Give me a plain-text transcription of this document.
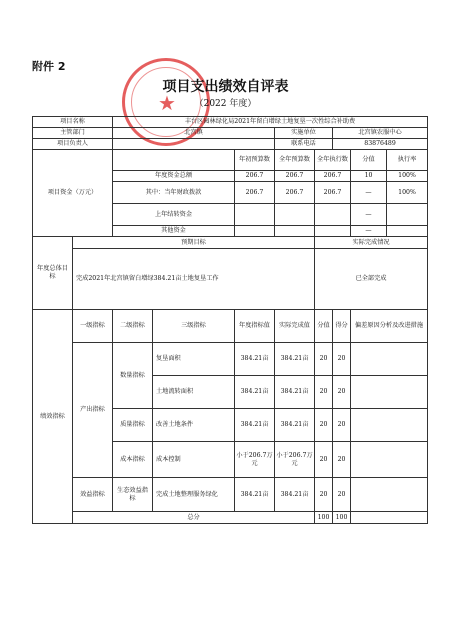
附件 2
★
项目支出绩效自评表
（2022 年度）
项目名称		丰台区园林绿化局2021年留白增绿土地复垦一次性综合补助费							
主管部门		北宫镇			实施单位		北宫镇农服中心		
项目负责人					联系电话		83876489		
项目资金（万元）				年初预算数	全年预算数	全年执行数		分值	执行率
		年度资金总额		206.7	206.7	206.7		10	100%
		其中：当年财政拨款		206.7	206.7	206.7		—	100%
		上年结转资金						—	
		其他资金						—	
年度总体目标	预期目标					实际完成情况			
	完成2021年北宫镇留白增绿384.21亩土地复垦工作					已全部完成			
绩效指标	一级指标	二级指标	三级指标	年度指标值	实际完成值	分值	得分	偏差原因分析及改进措施	
	产出指标	数量指标	复垦面积	384.21亩	384.21亩	20	20		
			土地流转面积	384.21亩	384.21亩	20	20		
		质量指标	改善土地条件	384.21亩	384.21亩	20	20		
		成本指标	成本控制	小于206.7万元	小于206.7万元	20	20		
	效益指标	生态效益指标	完成土地整理服务绿化	384.21亩	384.21亩	20	20		
	总分					100	100		
